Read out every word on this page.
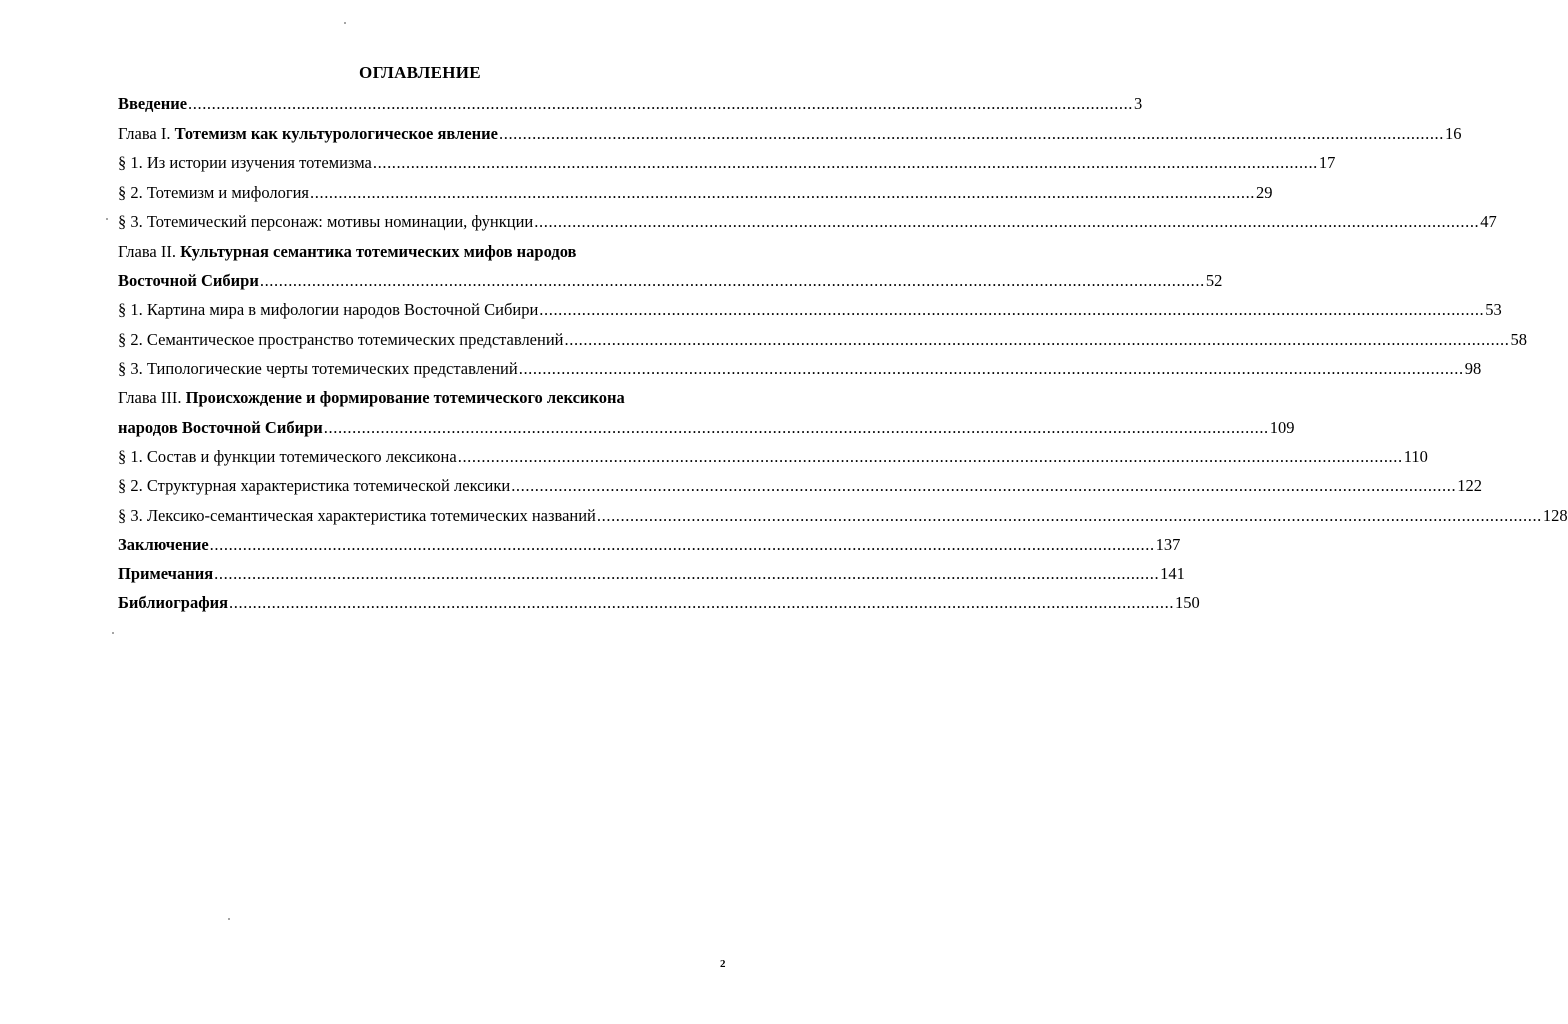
ОГЛАВЛЕНИЕ
Введение ........................................................................................................................................................................................................ 3
Глава I. Тотемизм как культурологическое явление ........................................................................................................................................................................................................ 16
§ 1. Из истории изучения тотемизма ........................................................................................................................................................................................................ 17
§ 2. Тотемизм и мифология ........................................................................................................................................................................................................ 29
§ 3. Тотемический персонаж: мотивы номинации, функции ........................................................................................................................................................................................................ 47
Глава II. Культурная семантика тотемических мифов народов
Восточной Сибири ........................................................................................................................................................................................................ 52
§ 1. Картина мира в мифологии народов Восточной Сибири ........................................................................................................................................................................................................ 53
§ 2. Семантическое пространство тотемических представлений ........................................................................................................................................................................................................ 58
§ 3. Типологические черты тотемических представлений ........................................................................................................................................................................................................ 98
Глава III. Происхождение и формирование тотемического лексикона
народов Восточной Сибири ........................................................................................................................................................................................................ 109
§ 1. Состав и функции тотемического лексикона ........................................................................................................................................................................................................ 110
§ 2. Структурная характеристика тотемической лексики ........................................................................................................................................................................................................ 122
§ 3. Лексико-семантическая характеристика тотемических названий ........................................................................................................................................................................................................ 128
Заключение ........................................................................................................................................................................................................ 137
Примечания ........................................................................................................................................................................................................ 141
Библиография ........................................................................................................................................................................................................ 150
2
